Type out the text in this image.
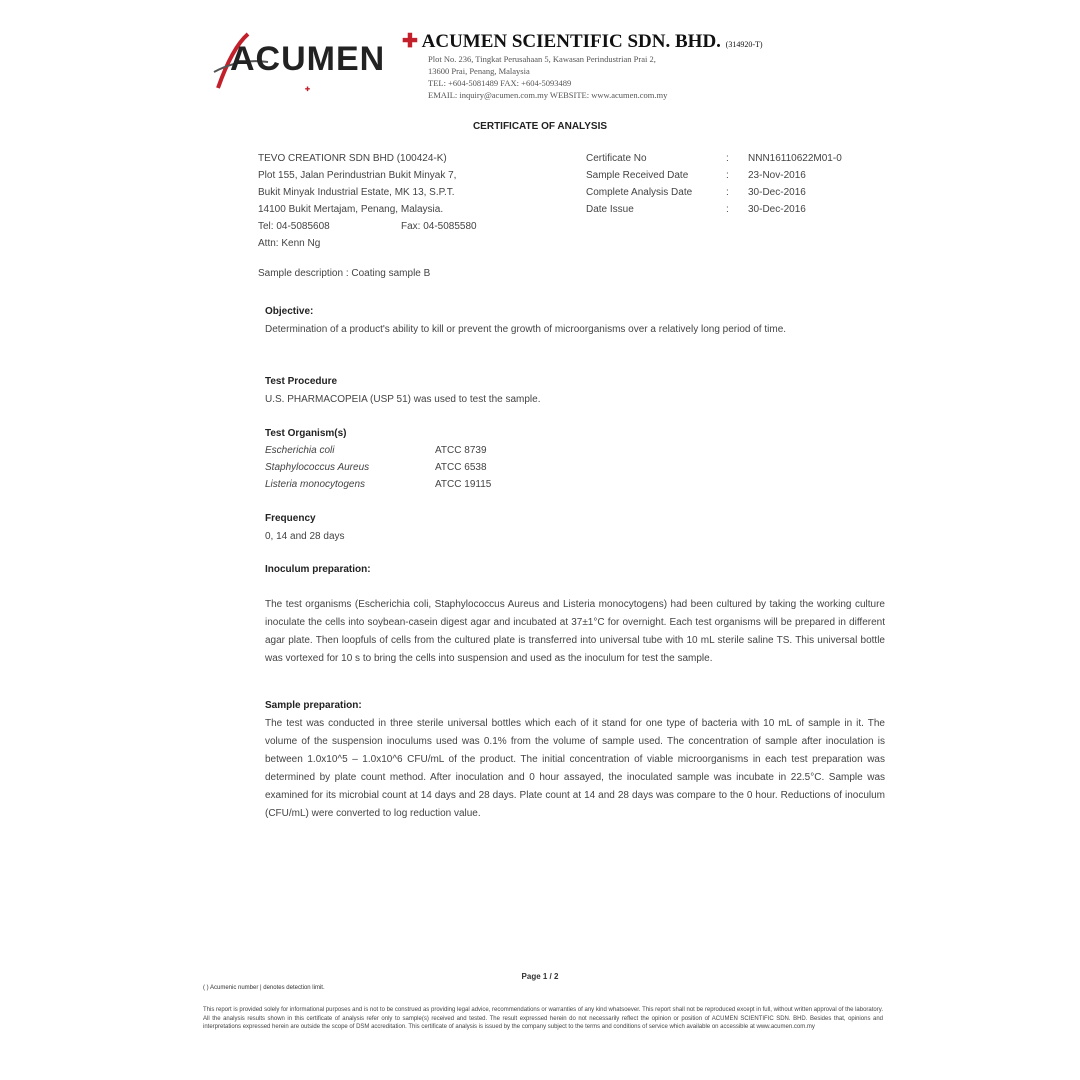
ACUMEN
✚
✚ ACUMEN SCIENTIFIC SDN. BHD. (314920-T)
Plot No. 236, Tingkat Perusahaan 5, Kawasan Perindustrian Prai 2,
13600 Prai, Penang, Malaysia
TEL: +604-5081489 FAX: +604-5093489
EMAIL: inquiry@acumen.com.my WEBSITE: www.acumen.com.my
CERTIFICATE OF ANALYSIS
TEVO CREATIONR SDN BHD (100424-K)
Plot 155, Jalan Perindustrian Bukit Minyak 7,
Bukit Minyak Industrial Estate, MK 13, S.P.T.
14100 Bukit Mertajam, Penang, Malaysia.
Tel: 04-5085608	Fax: 04-5085580
Attn: Kenn Ng
Certificate No	:	NNN16110622M01-0
Sample Received Date	:	23-Nov-2016
Complete Analysis Date	:	30-Dec-2016
Date Issue	:	30-Dec-2016
Sample description : Coating sample B
Objective:
Determination of a product's ability to kill or prevent the growth of microorganisms over a relatively long period of time.
Test Procedure
U.S. PHARMACOPEIA (USP 51) was used to test the sample.
Test Organism(s)
Escherichia coli	ATCC 8739
Staphylococcus Aureus	ATCC 6538
Listeria monocytogens	ATCC 19115
Frequency
0, 14 and 28 days
Inoculum preparation:
The test organisms (Escherichia coli, Staphylococcus Aureus and Listeria monocytogens) had been cultured by taking the working culture inoculate the cells into soybean-casein digest agar and incubated at 37±1°C for overnight. Each test organisms will be prepared in different agar plate. Then loopfuls of cells from the cultured plate is transferred into universal tube with 10 mL sterile saline TS. This universal bottle was vortexed for 10 s to bring the cells into suspension and used as the inoculum for test the sample.
Sample preparation:
The test was conducted in three sterile universal bottles which each of it stand for one type of bacteria with 10 mL of sample in it. The volume of the suspension inoculums used was 0.1% from the volume of sample used. The concentration of sample after inoculation is between 1.0x10^5 – 1.0x10^6 CFU/mL of the product. The initial concentration of viable microorganisms in each test preparation was determined by plate count method. After inoculation and 0 hour assayed, the inoculated sample was incubate in 22.5°C. Sample was examined for its microbial count at 14 days and 28 days. Plate count at 14 and 28 days was compare to the 0 hour. Reductions of inoculum (CFU/mL) were converted to log reduction value.
Page 1 / 2
( ) Acumenic number | denotes detection limit.
This report is provided solely for informational purposes and is not to be construed as providing legal advice, recommendations or warranties of any kind whatsoever. This report shall not be reproduced except in full, without written approval of the laboratory. All the analysis results shown in this certificate of analysis refer only to sample(s) received and tested. The result expressed herein do not necessarily reflect the opinion or position of ACUMEN SCIENTIFIC SDN. BHD. Besides that, opinions and interpretations expressed herein are outside the scope of DSM accreditation. This certificate of analysis is issued by the company subject to the terms and conditions of service which available on accessible at www.acumen.com.my
